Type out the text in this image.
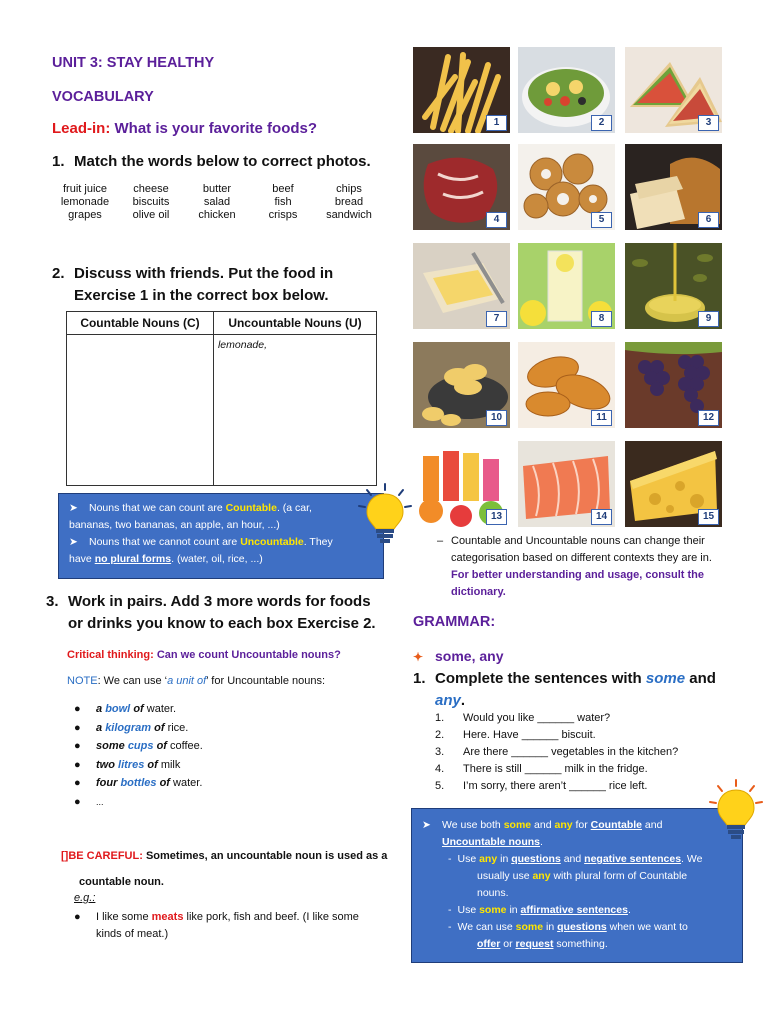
UNIT 3: STAY HEALTHY
VOCABULARY
Lead-in: What is your favorite foods?
1. Match the words below to correct photos.
fruit juice	cheese	butter	beef	chips
lemonade	biscuits	salad	fish	bread
grapes	olive oil	chicken	crisps	sandwich
2. Discuss with friends. Put the food in
Exercise 1 in the correct box below.
Countable Nouns (C)	Uncountable Nouns (U)
	lemonade,
➤	Nouns that we can count are Countable. (a car,
bananas, two bananas, an apple, an hour, ...)
➤	Nouns that we cannot count are Uncountable. They
have no plural forms. (water, oil, rice, ...)
3. Work in pairs. Add 3 more words for foods
or drinks you know to each box Exercise 2.
Critical thinking: Can we count Uncountable nouns?
NOTE: We can use ‘a unit of’ for Uncountable nouns:
● a bowl of water.
● a kilogram of rice.
● some cups of coffee.
● two litres of milk
● four bottles of water.
● ...
[]BE CAREFUL: Sometimes, an uncountable noun is used as a
countable noun.
e.g.:
● I like some meats like pork, fish and beef. (I like some
kinds of meat.)
1	2	3
4	5	6
7	8	9
10	11	12
13	14	15
– Countable and Uncountable nouns can change their
categorisation based on different contexts they are in.
For better understanding and usage, consult the
dictionary.
GRAMMAR:
✦ some, any
1. Complete the sentences with some and
any.
1. Would you like ______ water?
2. Here. Have ______ biscuit.
3. Are there ______ vegetables in the kitchen?
4. There is still ______ milk in the fridge.
5. I’m sorry, there aren’t ______ rice left.
➤	We use both some and any for Countable and
Uncountable nouns.
- Use any in questions and negative sentences. We
usually use any with plural form of Countable
nouns.
- Use some in affirmative sentences.
- We can use some in questions when we want to
offer or request something.
